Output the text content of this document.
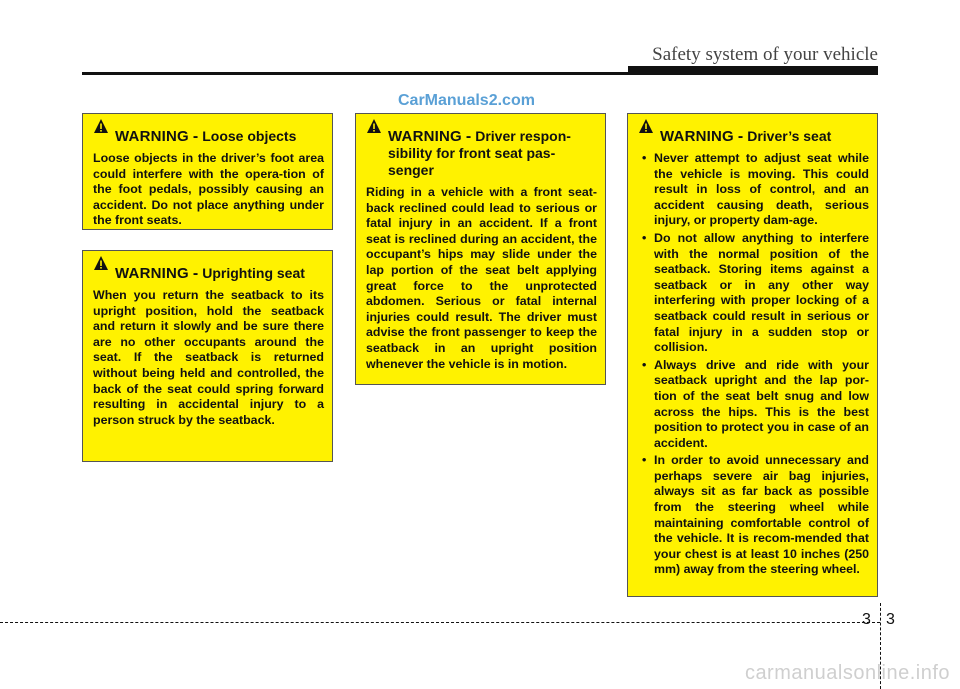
Safety system of your vehicle
CarManuals2.com
WARNING - Loose objects
Loose objects in the driver’s foot area could interfere with the opera-tion of the foot pedals, possibly causing an accident. Do not place anything under the front seats.
WARNING - Uprighting seat
When you return the seatback to its upright position, hold the seatback and return it slowly and be sure there are no other occupants around the seat. If the seatback is returned without being held and controlled, the back of the seat could spring forward resulting in accidental injury to a person struck by the seatback.
WARNING - Driver respon-sibility for front seat pas-senger
Riding in a vehicle with a front seat-back reclined could lead to serious or fatal injury in an accident. If a front seat is reclined during an accident, the occupant’s hips may slide under the lap portion of the seat belt applying great force to the unprotected abdomen. Serious or fatal internal injuries could result. The driver must advise the front passenger to keep the seatback in an upright position whenever the vehicle is in motion.
WARNING - Driver’s seat
• Never attempt to adjust seat while the vehicle is moving. This could result in loss of control, and an accident causing death, serious injury, or property dam-age.
• Do not allow anything to interfere with the normal position of the seatback. Storing items against a seatback or in any other way interfering with proper locking of a seatback could result in serious or fatal injury in a sudden stop or collision.
• Always drive and ride with your seatback upright and the lap por-tion of the seat belt snug and low across the hips. This is the best position to protect you in case of an accident.
• In order to avoid unnecessary and perhaps severe air bag injuries, always sit as far back as possible from the steering wheel while maintaining comfortable control of the vehicle. It is recom-mended that your chest is at least 10 inches (250 mm) away from the steering wheel.
3 3
carmanualsonline.info
